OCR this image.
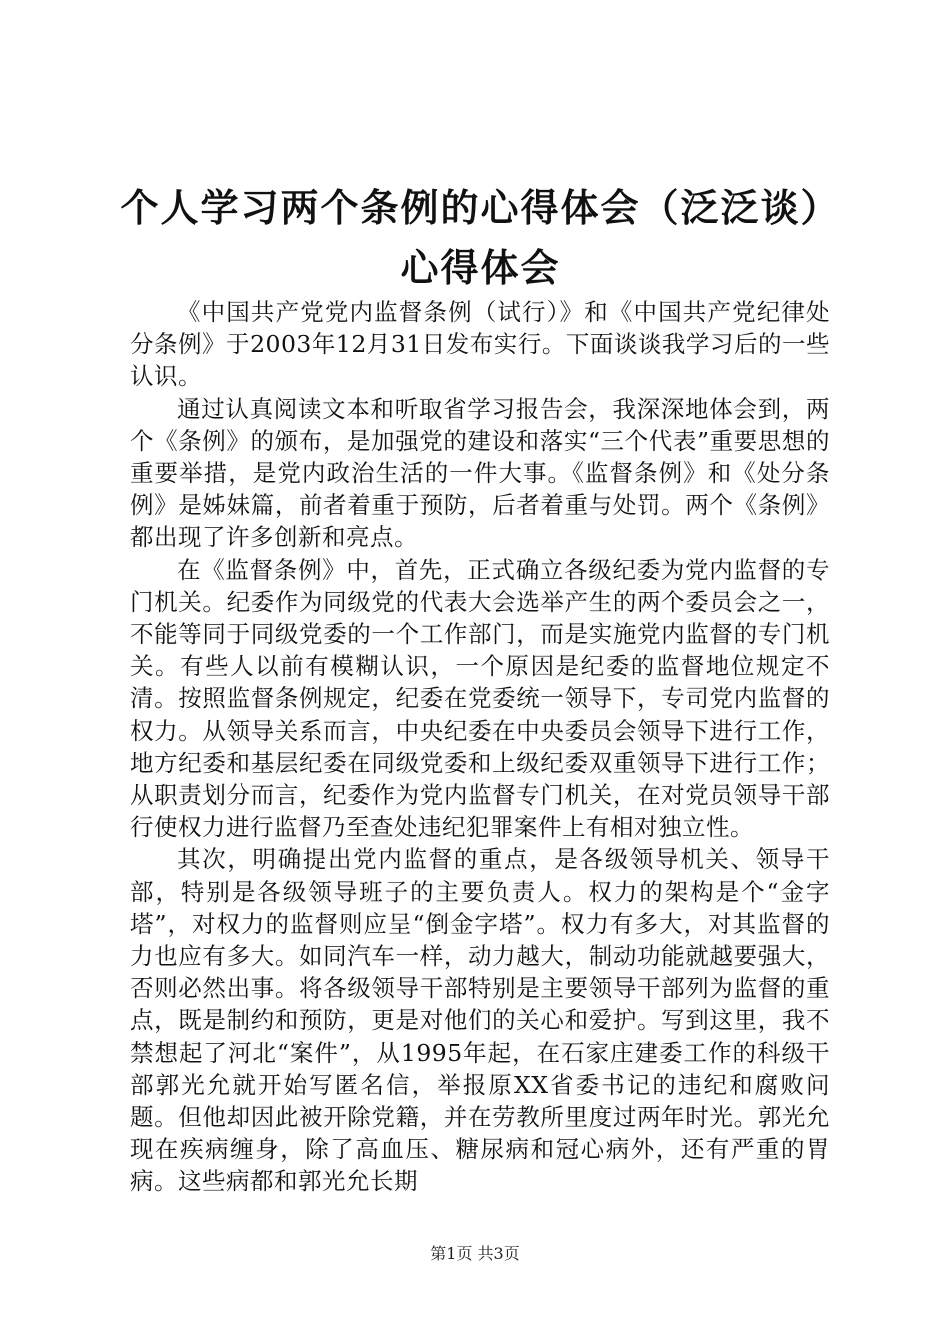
个人学习两个条例的心得体会（泛泛谈）心得体会

《中国共产党党内监督条例（试行）》和《中国共产党纪律处分条例》于2003年12月31日发布实行。下面谈谈我学习后的一些认识。

通过认真阅读文本和听取省学习报告会，我深深地体会到，两个《条例》的颁布，是加强党的建设和落实“三个代表”重要思想的重要举措，是党内政治生活的一件大事。《监督条例》和《处分条例》是姊妹篇，前者着重于预防，后者着重与处罚。两个《条例》都出现了许多创新和亮点。

在《监督条例》中，首先，正式确立各级纪委为党内监督的专门机关。纪委作为同级党的代表大会选举产生的两个委员会之一，不能等同于同级党委的一个工作部门，而是实施党内监督的专门机关。有些人以前有模糊认识，一个原因是纪委的监督地位规定不清。按照监督条例规定，纪委在党委统一领导下，专司党内监督的权力。从领导关系而言，中央纪委在中央委员会领导下进行工作，地方纪委和基层纪委在同级党委和上级纪委双重领导下进行工作；从职责划分而言，纪委作为党内监督专门机关，在对党员领导干部行使权力进行监督乃至查处违纪犯罪案件上有相对独立性。

其次，明确提出党内监督的重点，是各级领导机关、领导干部，特别是各级领导班子的主要负责人。权力的架构是个“金字塔”，对权力的监督则应呈“倒金字塔”。权力有多大，对其监督的力也应有多大。如同汽车一样，动力越大，制动功能就越要强大，否则必然出事。将各级领导干部特别是主要领导干部列为监督的重点，既是制约和预防，更是对他们的关心和爱护。写到这里，我不禁想起了河北“案件”，从1995年起，在石家庄建委工作的科级干部郭光允就开始写匿名信，举报原XX省委书记的违纪和腐败问题。但他却因此被开除党籍，并在劳教所里度过两年时光。郭光允现在疾病缠身，除了高血压、糖尿病和冠心病外，还有严重的胃病。这些病都和郭光允长期

第1页 共3页
